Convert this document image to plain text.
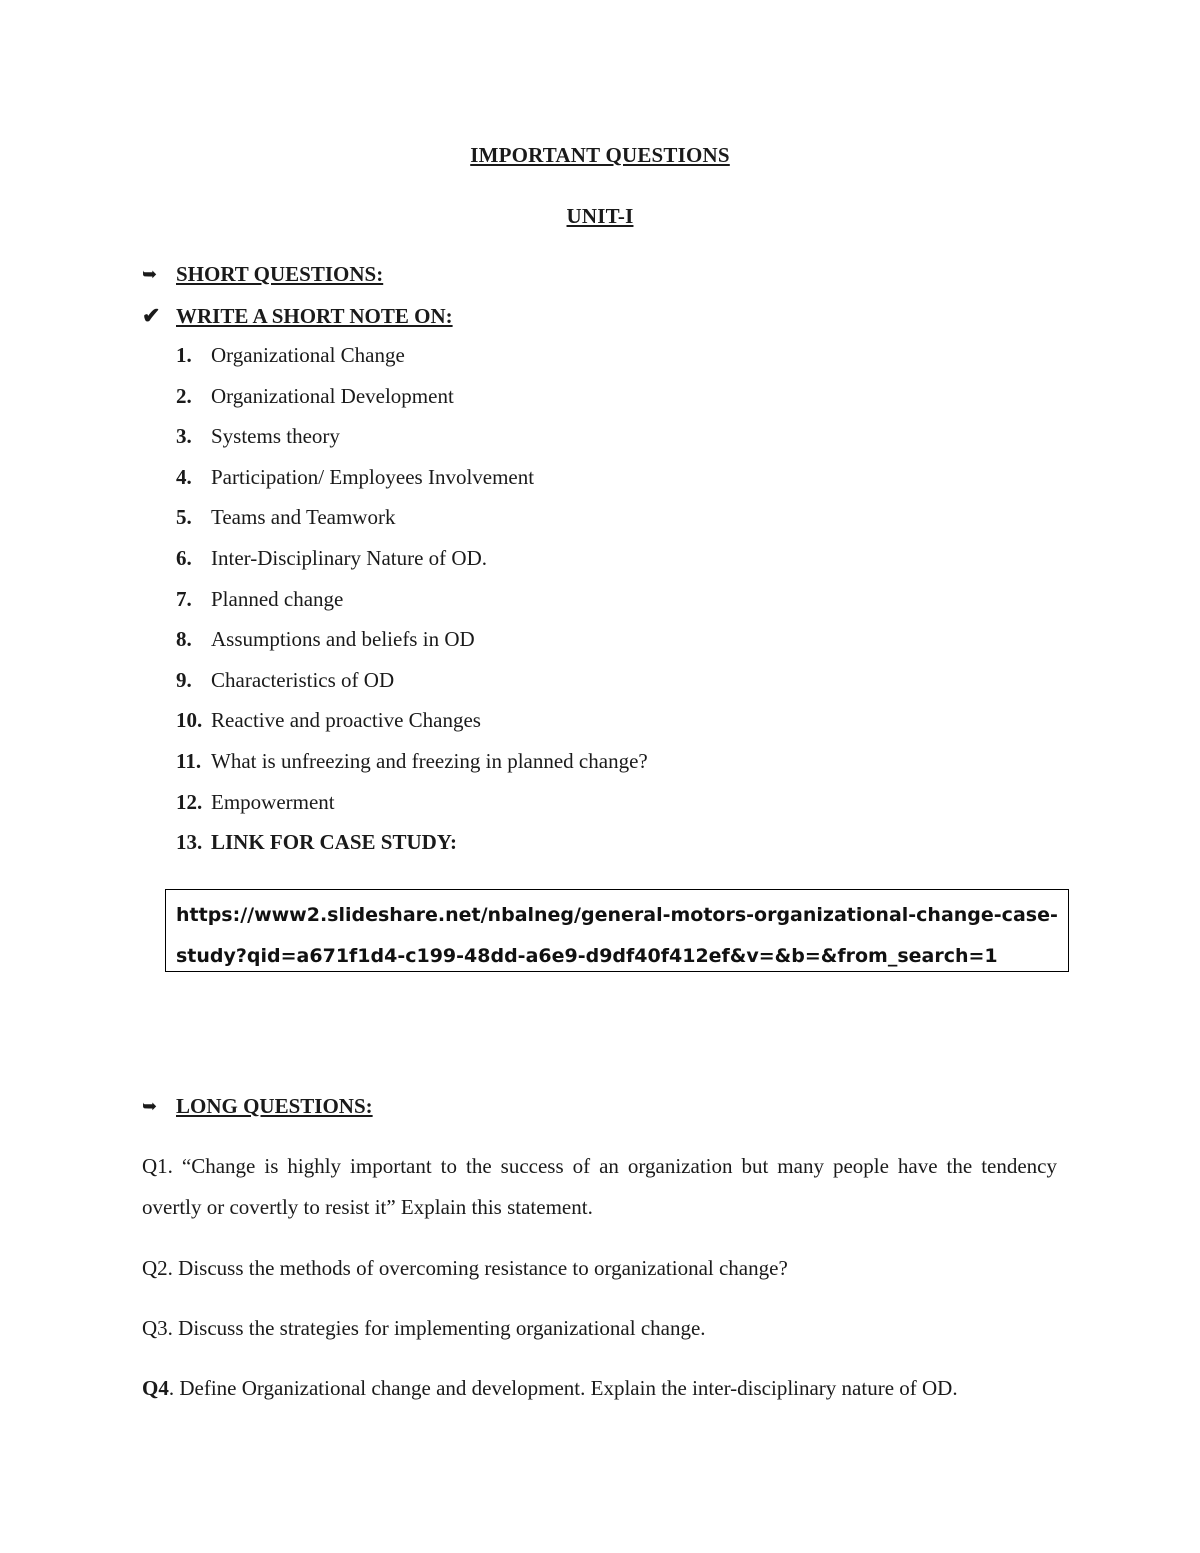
IMPORTANT QUESTIONS
UNIT-I
➥ SHORT QUESTIONS:
✔ WRITE A SHORT NOTE ON:
1. Organizational Change
2. Organizational Development
3. Systems theory
4. Participation/ Employees Involvement
5. Teams and Teamwork
6. Inter-Disciplinary Nature of OD.
7. Planned change
8. Assumptions and beliefs in OD
9. Characteristics of OD
10. Reactive and proactive Changes
11. What is unfreezing and freezing in planned change?
12. Empowerment
13. LINK FOR CASE STUDY:
https://www2.slideshare.net/nbalneg/general-motors-organizational-change-case-study?qid=a671f1d4-c199-48dd-a6e9-d9df40f412ef&v=&b=&from_search=1
➥ LONG QUESTIONS:
Q1. “Change is highly important to the success of an organization but many people have the tendency overtly or covertly to resist it” Explain this statement.
Q2. Discuss the methods of overcoming resistance to organizational change?
Q3. Discuss the strategies for implementing organizational change.
Q4. Define Organizational change and development. Explain the inter-disciplinary nature of OD.
